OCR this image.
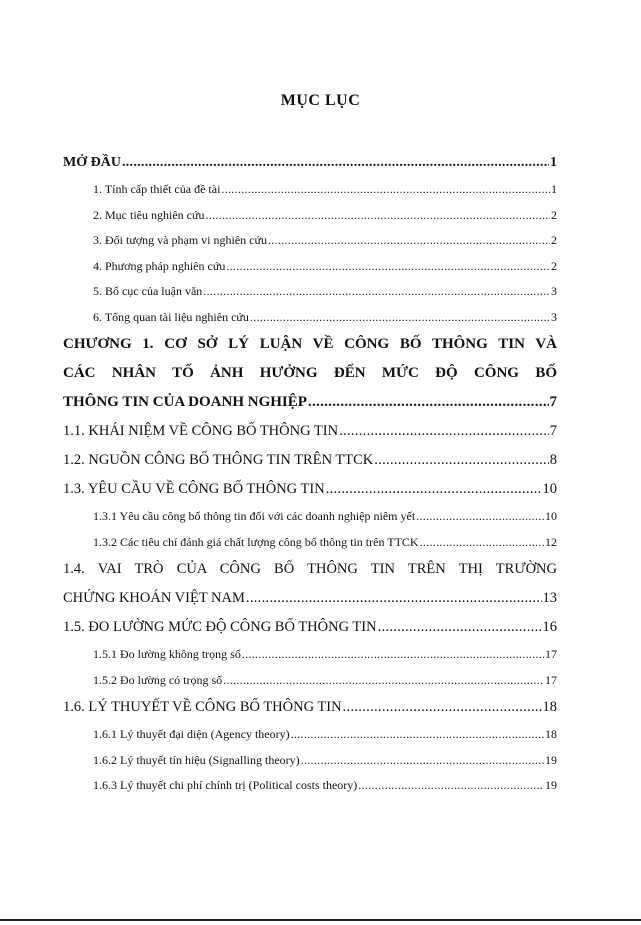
MỤC LỤC
MỞ ĐẦU .....	1
1. Tính cấp thiết của đề tài .....	1
2. Mục tiêu nghiên cứu .....	2
3. Đối tượng và phạm vi nghiên cứu .....	2
4. Phương pháp nghiên cứu .....	2
5. Bố cục của luận văn .....	3
6. Tổng quan tài liệu nghiên cứu .....	3
CHƯƠNG 1. CƠ SỞ LÝ LUẬN VỀ CÔNG BỐ THÔNG TIN VÀ
CÁC NHÂN TỐ ẢNH HƯỞNG ĐẾN MỨC ĐỘ CÔNG BỐ
THÔNG TIN CỦA DOANH NGHIỆP .....	7
1.1. KHÁI NIỆM VỀ CÔNG BỐ THÔNG TIN .....	7
1.2. NGUỒN CÔNG BỐ THÔNG TIN TRÊN TTCK .....	8
1.3. YÊU CẦU VỀ CÔNG BỐ THÔNG TIN .....	10
1.3.1 Yêu cầu công bố thông tin đối với các doanh nghiệp niêm yết .....	10
1.3.2 Các tiêu chí đánh giá chất lượng công bố thông tin trên TTCK .....	12
1.4. VAI TRÒ CỦA CÔNG BỐ THÔNG TIN TRÊN THỊ TRƯỜNG
CHỨNG KHOÁN VIỆT NAM .....	13
1.5. ĐO LƯỜNG MỨC ĐỘ CÔNG BỐ THÔNG TIN .....	16
1.5.1 Đo lường không trọng số .....	17
1.5.2 Đo lường có trọng số .....	17
1.6. LÝ THUYẾT VỀ CÔNG BỐ THÔNG TIN .....	18
1.6.1 Lý thuyết đại diện (Agency theory) .....	18
1.6.2 Lý thuyết tín hiệu (Signalling theory) .....	19
1.6.3 Lý thuyết chi phí chính trị (Political costs theory) .....	19
